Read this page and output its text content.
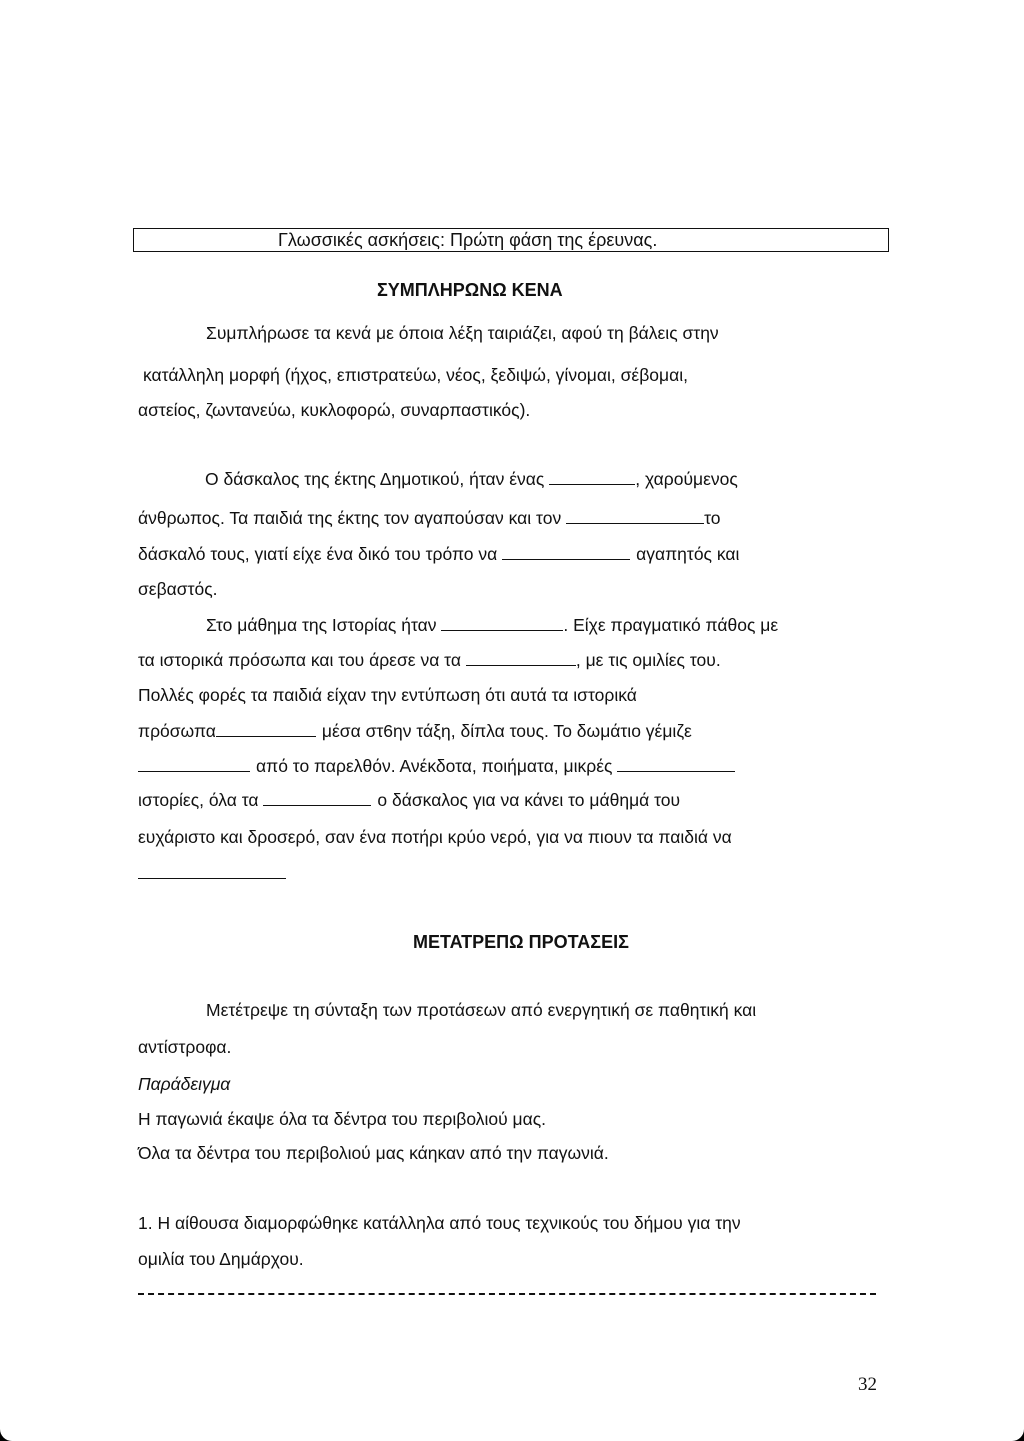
Γλωσσικές ασκήσεις: Πρώτη φάση της έρευνας.
ΣΥΜΠΛΗΡΩΝΩ ΚΕΝΑ
Συμπλήρωσε τα κενά με όποια λέξη ταιριάζει, αφού τη βάλεις στην
κατάλληλη μορφή (ήχος, επιστρατεύω, νέος, ξεδιψώ, γίνομαι, σέβομαι,
αστείος, ζωντανεύω, κυκλοφορώ, συναρπαστικός).
Ο δάσκαλος της έκτης Δημοτικού, ήταν ένας	, χαρούμενος
άνθρωπος. Τα παιδιά της έκτης τον αγαπούσαν και τον	το
δάσκαλό τους, γιατί είχε ένα δικό του τρόπο να	αγαπητός και
σεβαστός.
Στο μάθημα της Ιστορίας ήταν	. Είχε πραγματικό πάθος με
τα ιστορικά πρόσωπα και του άρεσε να τα	, με τις ομιλίες του.
Πολλές φορές τα παιδιά είχαν την εντύπωση ότι αυτά τα ιστορικά
πρόσωπα	μέσα στ6ην τάξη, δίπλα τους. Το δωμάτιο γέμιζε
από το παρελθόν. Ανέκδοτα, ποιήματα, μικρές
ιστορίες, όλα τα	ο δάσκαλος για να κάνει το μάθημά του
ευχάριστο και δροσερό, σαν ένα ποτήρι κρύο νερό, για να πιουν τα παιδιά να
ΜΕΤΑΤΡΕΠΩ ΠΡΟΤΑΣΕΙΣ
Μετέτρεψε τη σύνταξη των προτάσεων από ενεργητική σε παθητική και
αντίστροφα.
Παράδειγμα
Η παγωνιά έκαψε όλα τα δέντρα του περιβολιού μας.
Όλα τα δέντρα του περιβολιού μας κάηκαν από την παγωνιά.
1. Η αίθουσα διαμορφώθηκε κατάλληλα από τους τεχνικούς του δήμου για την
ομιλία του Δημάρχου.
32
